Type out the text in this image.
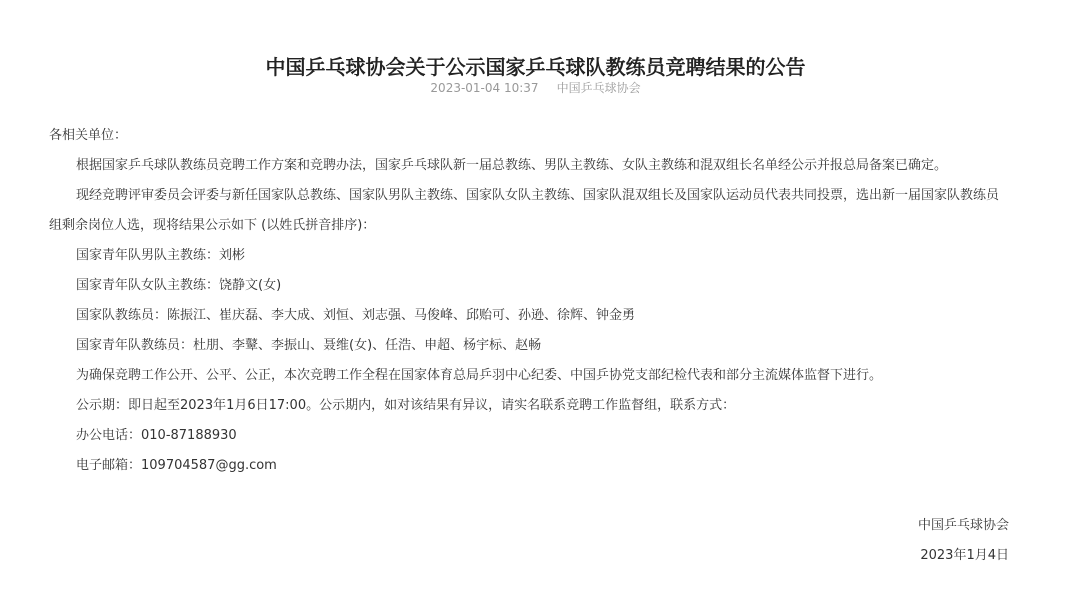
中国乒乓球协会关于公示国家乒乓球队教练员竞聘结果的公告
2023-01-04 10:37 中国乒乓球协会

各相关单位：

根据国家乒乓球队教练员竞聘工作方案和竞聘办法，国家乒乓球队新一届总教练、男队主教练、女队主教练和混双组长名单经公示并报总局备案已确定。

现经竞聘评审委员会评委与新任国家队总教练、国家队男队主教练、国家队女队主教练、国家队混双组长及国家队运动员代表共同投票，选出新一届国家队教练员组剩余岗位人选，现将结果公示如下 (以姓氏拼音排序)：

国家青年队男队主教练：刘彬

国家青年队女队主教练：饶静文(女)

国家队教练员：陈振江、崔庆磊、李大成、刘恒、刘志强、马俊峰、邱贻可、孙逊、徐辉、钟金勇

国家青年队教练员：杜朋、李鼙、李振山、聂维(女)、任浩、申超、杨宇标、赵畅

为确保竞聘工作公开、公平、公正，本次竞聘工作全程在国家体育总局乒羽中心纪委、中国乒协党支部纪检代表和部分主流媒体监督下进行。

公示期：即日起至2023年1月6日17:00。公示期内，如对该结果有异议，请实名联系竞聘工作监督组，联系方式：

办公电话：010-87188930

电子邮箱：109704587@gg.com

中国乒乓球协会
2023年1月4日
